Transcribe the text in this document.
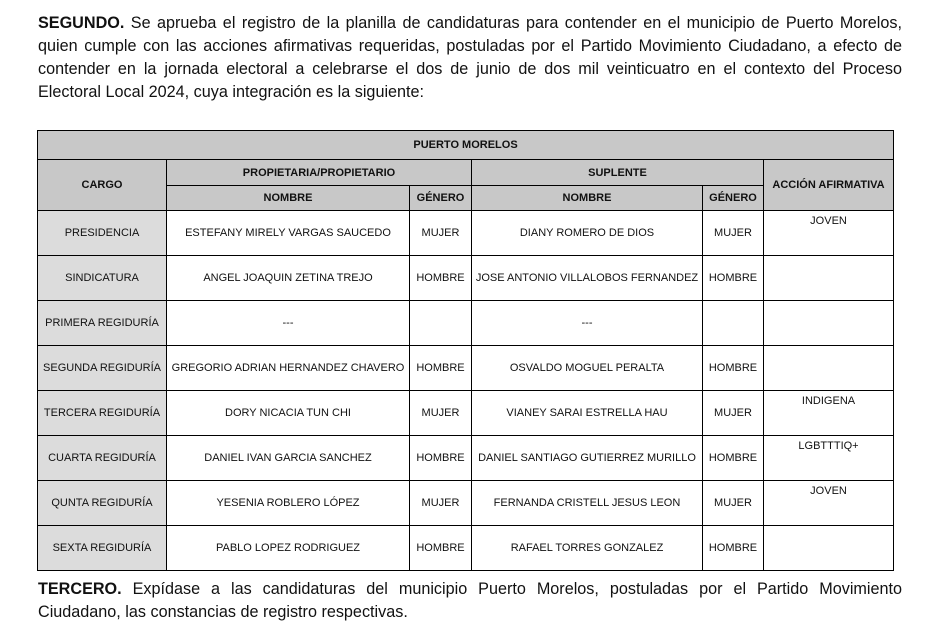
SEGUNDO. Se aprueba el registro de la planilla de candidaturas para contender en el municipio de Puerto Morelos, quien cumple con las acciones afirmativas requeridas, postuladas por el Partido Movimiento Ciudadano, a efecto de contender en la jornada electoral a celebrarse el dos de junio de dos mil veinticuatro en el contexto del Proceso Electoral Local 2024, cuya integración es la siguiente:

PUERTO MORELOS					
CARGO	PROPIETARIA/PROPIETARIO		SUPLENTE		ACCIÓN AFIRMATIVA
	NOMBRE	GÉNERO	NOMBRE	GÉNERO	
PRESIDENCIA	ESTEFANY MIRELY VARGAS SAUCEDO	MUJER	DIANY ROMERO DE DIOS	MUJER	JOVEN
SINDICATURA	ANGEL JOAQUIN ZETINA TREJO	HOMBRE	JOSE ANTONIO VILLALOBOS FERNANDEZ	HOMBRE	
PRIMERA REGIDURÍA	---		---		
SEGUNDA REGIDURÍA	GREGORIO ADRIAN HERNANDEZ CHAVERO	HOMBRE	OSVALDO MOGUEL PERALTA	HOMBRE	
TERCERA REGIDURÍA	DORY NICACIA TUN CHI	MUJER	VIANEY SARAI ESTRELLA HAU	MUJER	INDIGENA
CUARTA REGIDURÍA	DANIEL IVAN GARCIA SANCHEZ	HOMBRE	DANIEL SANTIAGO GUTIERREZ MURILLO	HOMBRE	LGBTTTIQ+
QUNTA REGIDURÍA	YESENIA ROBLERO LÓPEZ	MUJER	FERNANDA CRISTELL JESUS LEON	MUJER	JOVEN
SEXTA REGIDURÍA	PABLO LOPEZ RODRIGUEZ	HOMBRE	RAFAEL TORRES GONZALEZ	HOMBRE	

TERCERO. Expídase a las candidaturas del municipio Puerto Morelos, postuladas por el Partido Movimiento Ciudadano, las constancias de registro respectivas.
